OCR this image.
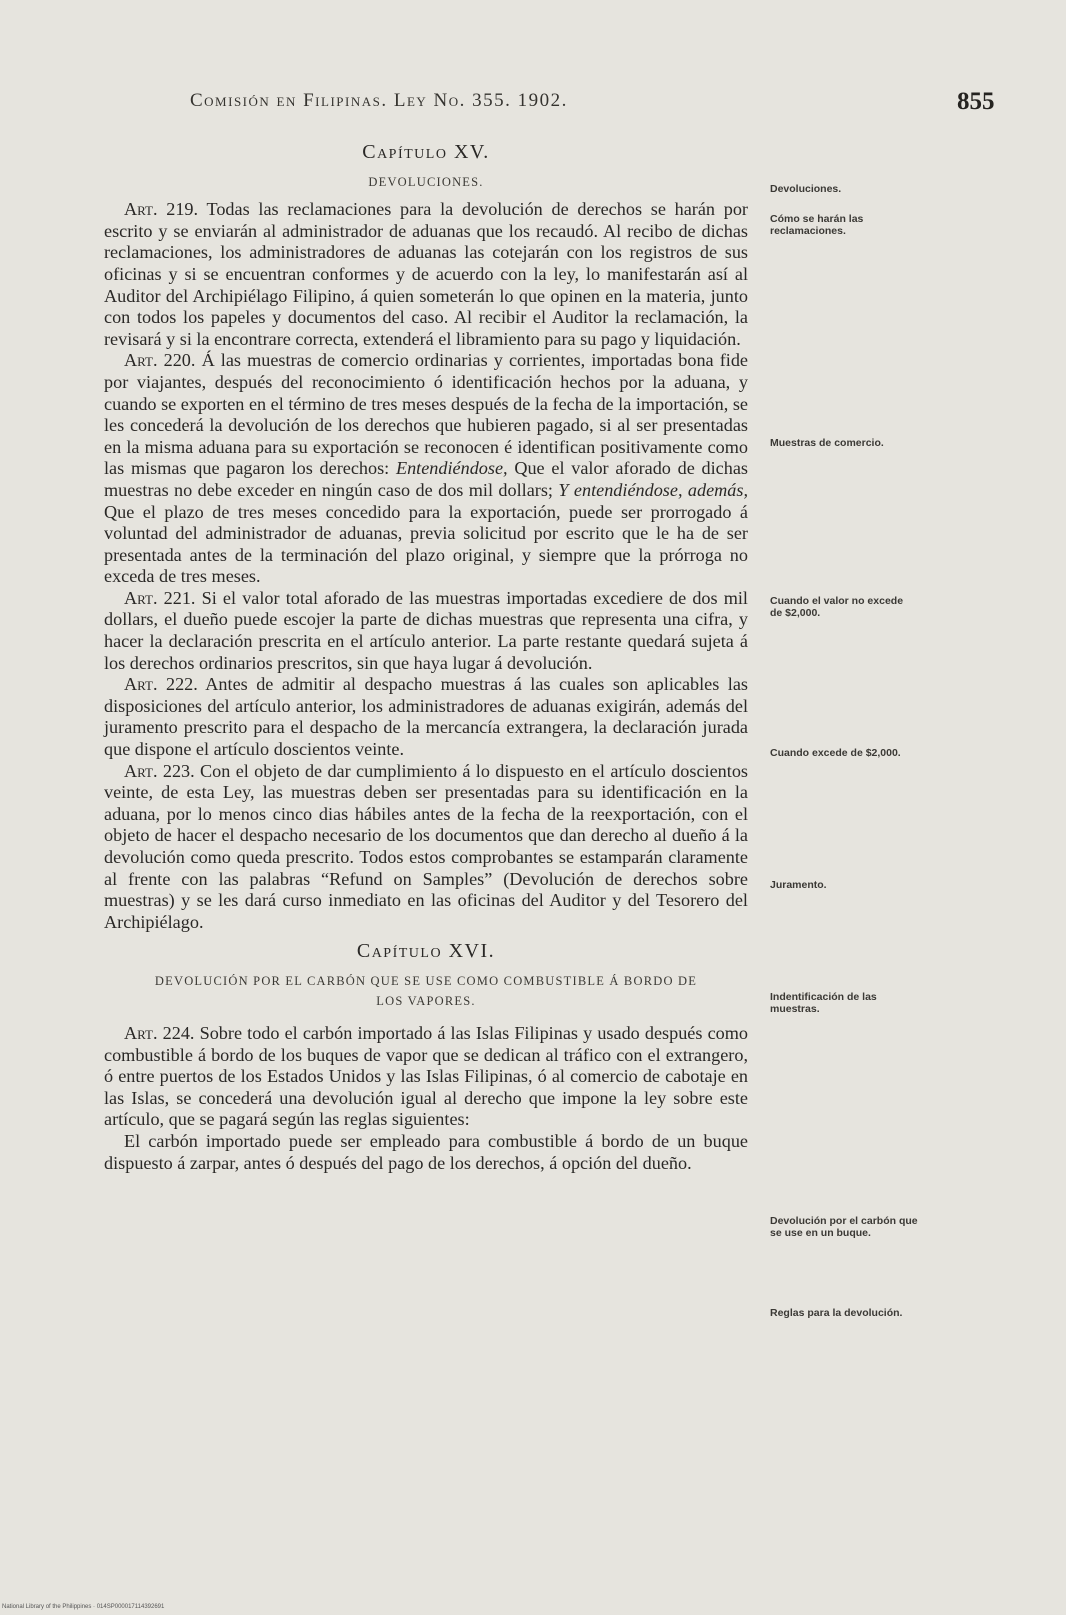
Comisión en Filipinas. Ley No. 355. 1902.	855
Capítulo XV.
DEVOLUCIONES.

Art. 219. Todas las reclamaciones para la devolución de derechos se harán por escrito y se enviarán al administrador de aduanas que los recaudó. Al recibo de dichas reclamaciones, los administradores de aduanas las cotejarán con los registros de sus oficinas y si se encuentran conformes y de acuerdo con la ley, lo manifestarán así al Auditor del Archipiélago Filipino, á quien someterán lo que opinen en la materia, junto con todos los papeles y documentos del caso. Al recibir el Auditor la reclamación, la revisará y si la encontrare correcta, extenderá el libramiento para su pago y liquidación.

Art. 220. Á las muestras de comercio ordinarias y corrientes, importadas bona fide por viajantes, después del reconocimiento ó identificación hechos por la aduana, y cuando se exporten en el término de tres meses después de la fecha de la importación, se les concederá la devolución de los derechos que hubieren pagado, si al ser presentadas en la misma aduana para su exportación se reconocen é identifican positivamente como las mismas que pagaron los derechos: Entendiéndose, Que el valor aforado de dichas muestras no debe exceder en ningún caso de dos mil dollars; Y entendiéndose, además, Que el plazo de tres meses concedido para la exportación, puede ser prorrogado á voluntad del administrador de aduanas, previa solicitud por escrito que le ha de ser presentada antes de la terminación del plazo original, y siempre que la prórroga no exceda de tres meses.

Art. 221. Si el valor total aforado de las muestras importadas excediere de dos mil dollars, el dueño puede escojer la parte de dichas muestras que representa una cifra, y hacer la declaración prescrita en el artículo anterior. La parte restante quedará sujeta á los derechos ordinarios prescritos, sin que haya lugar á devolución.

Art. 222. Antes de admitir al despacho muestras á las cuales son aplicables las disposiciones del artículo anterior, los administradores de aduanas exigirán, además del juramento prescrito para el despacho de la mercancía extrangera, la declaración jurada que dispone el artículo doscientos veinte.

Art. 223. Con el objeto de dar cumplimiento á lo dispuesto en el artículo doscientos veinte, de esta Ley, las muestras deben ser presentadas para su identificación en la aduana, por lo menos cinco dias hábiles antes de la fecha de la reexportación, con el objeto de hacer el despacho necesario de los documentos que dan derecho al dueño á la devolución como queda prescrito. Todos estos comprobantes se estamparán claramente al frente con las palabras “Refund on Samples” (Devolución de derechos sobre muestras) y se les dará curso inmediato en las oficinas del Auditor y del Tesorero del Archipiélago.

Capítulo XVI.
DEVOLUCIÓN POR EL CARBÓN QUE SE USE COMO COMBUSTIBLE Á BORDO DE LOS VAPORES.

Art. 224. Sobre todo el carbón importado á las Islas Filipinas y usado después como combustible á bordo de los buques de vapor que se dedican al tráfico con el extrangero, ó entre puertos de los Estados Unidos y las Islas Filipinas, ó al comercio de cabotaje en las Islas, se concederá una devolución igual al derecho que impone la ley sobre este artículo, que se pagará según las reglas siguientes:

El carbón importado puede ser empleado para combustible á bordo de un buque dispuesto á zarpar, antes ó después del pago de los derechos, á opción del dueño.

Devoluciones.
Cómo se harán las reclamaciones.
Muestras de comercio.
Cuando el valor no excede de $2,000.
Cuando excede de $2,000.
Juramento.
Indentificación de las muestras.
Devolución por el carbón que se use en un buque.
Reglas para la devolución.
National Library of the Philippines · 014SP000017114392691
